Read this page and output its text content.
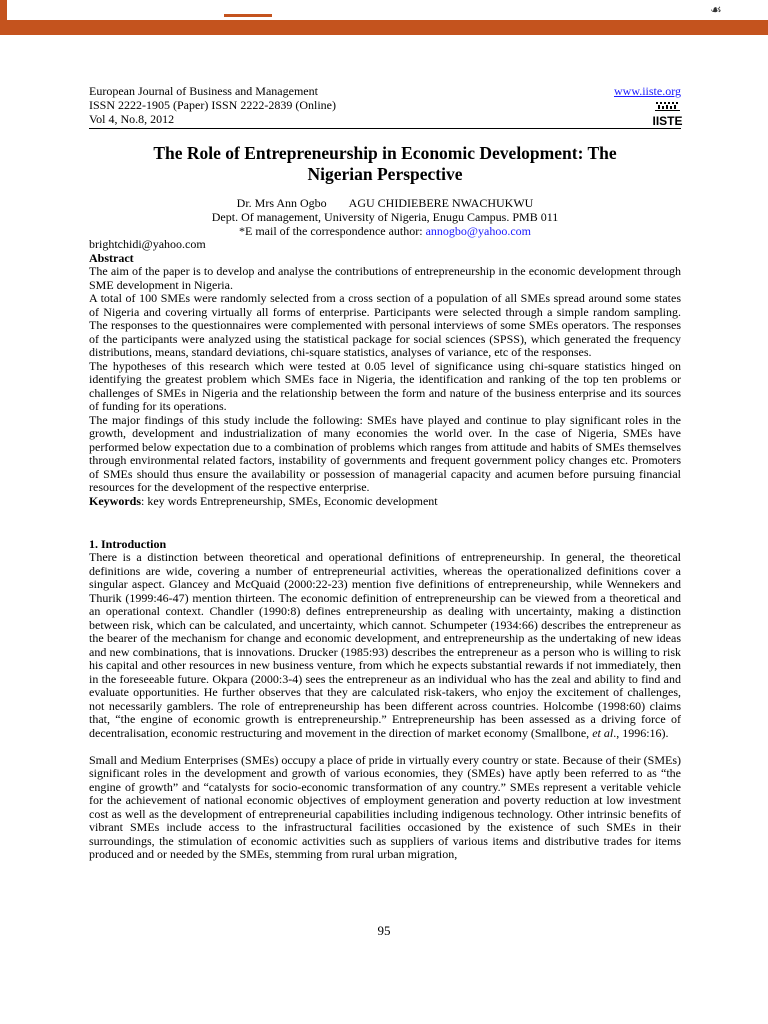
☙
European Journal of Business and Management
ISSN 2222-1905 (Paper) ISSN 2222-2839 (Online)
Vol 4, No.8, 2012
www.iiste.org
IISTE
The Role of Entrepreneurship in Economic Development: The
Nigerian Perspective
Dr. Mrs Ann Ogbo AGU CHIDIEBERE NWACHUKWU
Dept. Of management, University of Nigeria, Enugu Campus. PMB 011
*E mail of the correspondence author: annogbo@yahoo.com
brightchidi@yahoo.com

Abstract

The aim of the paper is to develop and analyse the contributions of entrepreneurship in the economic development through SME development in Nigeria.

A total of 100 SMEs were randomly selected from a cross section of a population of all SMEs spread around some states of Nigeria and covering virtually all forms of enterprise. Participants were selected through a simple random sampling. The responses to the questionnaires were complemented with personal interviews of some SMEs operators. The responses of the participants were analyzed using the statistical package for social sciences (SPSS), which generated the frequency distributions, means, standard deviations, chi-square statistics, analyses of variance, etc of the responses.

The hypotheses of this research which were tested at 0.05 level of significance using chi-square statistics hinged on identifying the greatest problem which SMEs face in Nigeria, the identification and ranking of the top ten problems or challenges of SMEs in Nigeria and the relationship between the form and nature of the business enterprise and its sources of funding for its operations.

The major findings of this study include the following: SMEs have played and continue to play significant roles in the growth, development and industrialization of many economies the world over. In the case of Nigeria, SMEs have performed below expectation due to a combination of problems which ranges from attitude and habits of SMEs themselves through environmental related factors, instability of governments and frequent government policy changes etc. Promoters of SMEs should thus ensure the availability or possession of managerial capacity and acumen before pursuing financial resources for the development of the respective enterprise.

Keywords: key words Entrepreneurship, SMEs, Economic development

1. Introduction

There is a distinction between theoretical and operational definitions of entrepreneurship. In general, the theoretical definitions are wide, covering a number of entrepreneurial activities, whereas the operationalized definitions cover a singular aspect. Glancey and McQuaid (2000:22-23) mention five definitions of entrepreneurship, while Wennekers and Thurik (1999:46-47) mention thirteen. The economic definition of entrepreneurship can be viewed from a theoretical and an operational context. Chandler (1990:8) defines entrepreneurship as dealing with uncertainty, making a distinction between risk, which can be calculated, and uncertainty, which cannot. Schumpeter (1934:66) describes the entrepreneur as the bearer of the mechanism for change and economic development, and entrepreneurship as the undertaking of new ideas and new combinations, that is innovations. Drucker (1985:93) describes the entrepreneur as a person who is willing to risk his capital and other resources in new business venture, from which he expects substantial rewards if not immediately, then in the foreseeable future. Okpara (2000:3-4) sees the entrepreneur as an individual who has the zeal and ability to find and evaluate opportunities. He further observes that they are calculated risk-takers, who enjoy the excitement of challenges, not necessarily gamblers. The role of entrepreneurship has been different across countries. Holcombe (1998:60) claims that, “the engine of economic growth is entrepreneurship.” Entrepreneurship has been assessed as a driving force of decentralisation, economic restructuring and movement in the direction of market economy (Smallbone, et al., 1996:16).

Small and Medium Enterprises (SMEs) occupy a place of pride in virtually every country or state. Because of their (SMEs) significant roles in the development and growth of various economies, they (SMEs) have aptly been referred to as “the engine of growth” and “catalysts for socio-economic transformation of any country.” SMEs represent a veritable vehicle for the achievement of national economic objectives of employment generation and poverty reduction at low investment cost as well as the development of entrepreneurial capabilities including indigenous technology. Other intrinsic benefits of vibrant SMEs include access to the infrastructural facilities occasioned by the existence of such SMEs in their surroundings, the stimulation of economic activities such as suppliers of various items and distributive trades for items produced and or needed by the SMEs, stemming from rural urban migration,

95
